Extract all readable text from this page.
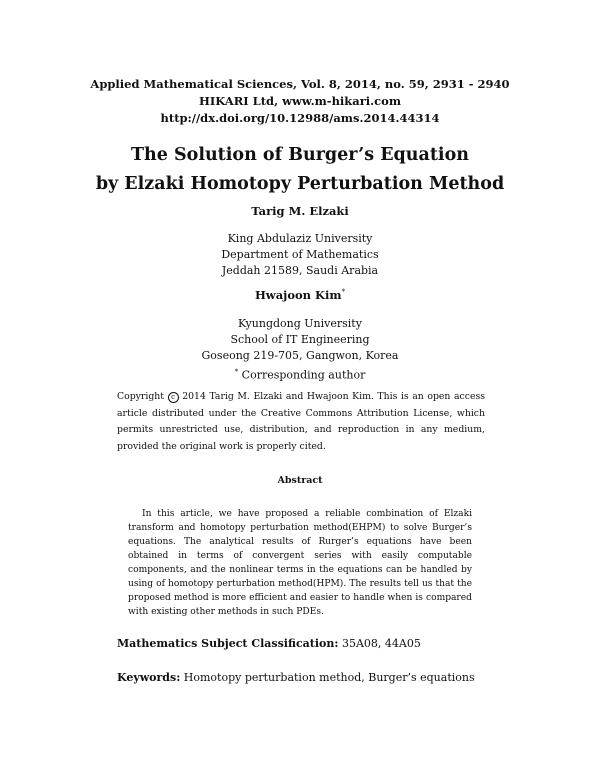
Applied Mathematical Sciences, Vol. 8, 2014, no. 59, 2931 - 2940
HIKARI Ltd, www.m-hikari.com
http://dx.doi.org/10.12988/ams.2014.44314
The Solution of Burger’s Equation
by Elzaki Homotopy Perturbation Method
Tarig M. Elzaki
King Abdulaziz University
Department of Mathematics
Jeddah 21589, Saudi Arabia
Hwajoon Kim*
Kyungdong University
School of IT Engineering
Goseong 219-705, Gangwon, Korea
* Corresponding author
Copyright c 2014 Tarig M. Elzaki and Hwajoon Kim. This is an open access article distributed under the Creative Commons Attribution License, which permits unrestricted use, distribution, and reproduction in any medium, provided the original work is properly cited.
Abstract
In this article, we have proposed a reliable combination of Elzaki transform and homotopy perturbation method(EHPM) to solve Burger’s equations. The analytical results of Rurger’s equations have been obtained in terms of convergent series with easily computable components, and the nonlinear terms in the equations can be handled by using of homotopy perturbation method(HPM). The results tell us that the proposed method is more efficient and easier to handle when is compared with existing other methods in such PDEs.
Mathematics Subject Classification: 35A08, 44A05
Keywords: Homotopy perturbation method, Burger’s equations
